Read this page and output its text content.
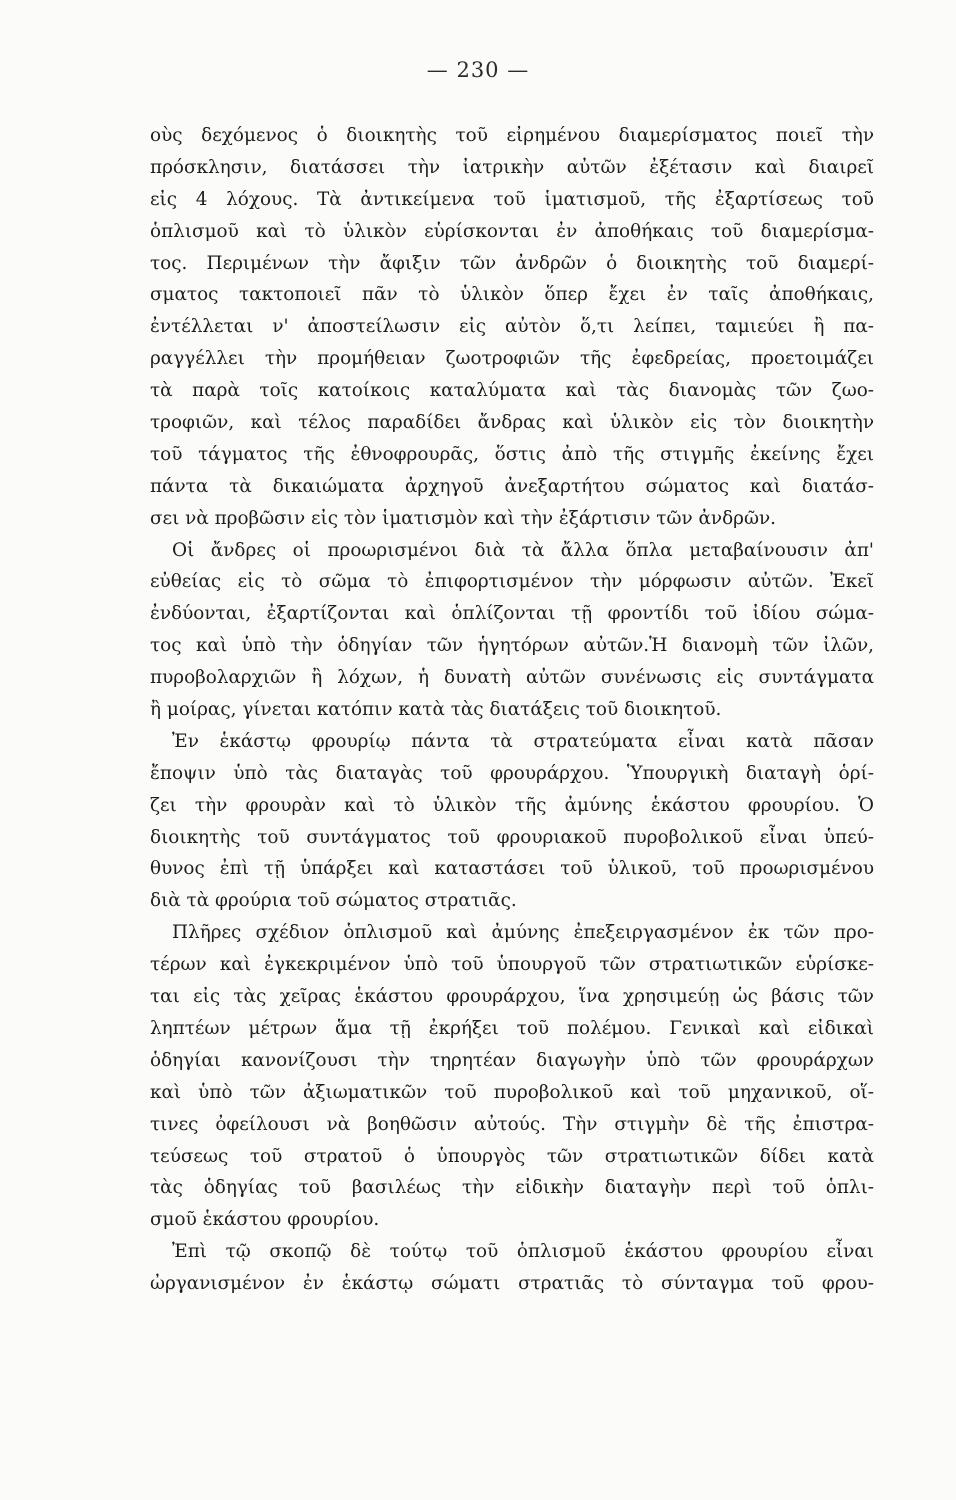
— 230 —
οὺς δεχόμενος ὁ διοικητὴς τοῦ εἰρημένου διαμερίσματος ποιεῖ τὴν
πρόσκλησιν, διατάσσει τὴν ἰατρικὴν αὐτῶν ἐξέτασιν καὶ διαιρεῖ
εἰς 4 λόχους. Τὰ ἀντικείμενα τοῦ ἱματισμοῦ, τῆς ἐξαρτίσεως τοῦ
ὁπλισμοῦ καὶ τὸ ὑλικὸν εὑρίσκονται ἐν ἀποθήκαις τοῦ διαμερίσμα-
τος. Περιμένων τὴν ἄφιξιν τῶν ἀνδρῶν ὁ διοικητὴς τοῦ διαμερί-
σματος τακτοποιεῖ πᾶν τὸ ὑλικὸν ὅπερ ἔχει ἐν ταῖς ἀποθήκαις,
ἐντέλλεται ν' ἀποστείλωσιν εἰς αὐτὸν ὅ,τι λείπει, ταμιεύει ἢ πα-
ραγγέλλει τὴν προμήθειαν ζωοτροφιῶν τῆς ἐφεδρείας, προετοιμάζει
τὰ παρὰ τοῖς κατοίκοις καταλύματα καὶ τὰς διανομὰς τῶν ζωο-
τροφιῶν, καὶ τέλος παραδίδει ἄνδρας καὶ ὑλικὸν εἰς τὸν διοικητὴν
τοῦ τάγματος τῆς ἐθνοφρουρᾶς, ὅστις ἀπὸ τῆς στιγμῆς ἐκείνης ἔχει
πάντα τὰ δικαιώματα ἀρχηγοῦ ἀνεξαρτήτου σώματος καὶ διατάσ-
σει νὰ προβῶσιν εἰς τὸν ἱματισμὸν καὶ τὴν ἐξάρτισιν τῶν ἀνδρῶν.
Οἱ ἄνδρες οἱ προωρισμένοι διὰ τὰ ἄλλα ὅπλα μεταβαίνουσιν ἀπ'
εὐθείας εἰς τὸ σῶμα τὸ ἐπιφορτισμένον τὴν μόρφωσιν αὐτῶν. Ἐκεῖ
ἐνδύονται, ἐξαρτίζονται καὶ ὁπλίζονται τῇ φροντίδι τοῦ ἰδίου σώμα-
τος καὶ ὑπὸ τὴν ὁδηγίαν τῶν ἡγητόρων αὐτῶν.Ἡ διανομὴ τῶν ἰλῶν,
πυροβολαρχιῶν ἢ λόχων, ἡ δυνατὴ αὐτῶν συνένωσις εἰς συντάγματα
ἢ μοίρας, γίνεται κατόπιν κατὰ τὰς διατάξεις τοῦ διοικητοῦ.
Ἐν ἑκάστῳ φρουρίῳ πάντα τὰ στρατεύματα εἶναι κατὰ πᾶσαν
ἔποψιν ὑπὸ τὰς διαταγὰς τοῦ φρουράρχου. Ὑπουργικὴ διαταγὴ ὁρί-
ζει τὴν φρουρὰν καὶ τὸ ὑλικὸν τῆς ἀμύνης ἑκάστου φρουρίου. Ὁ
διοικητὴς τοῦ συντάγματος τοῦ φρουριακοῦ πυροβολικοῦ εἶναι ὑπεύ-
θυνος ἐπὶ τῇ ὑπάρξει καὶ καταστάσει τοῦ ὑλικοῦ, τοῦ προωρισμένου
διὰ τὰ φρούρια τοῦ σώματος στρατιᾶς.
Πλῆρες σχέδιον ὁπλισμοῦ καὶ ἀμύνης ἐπεξειργασμένον ἐκ τῶν προ-
τέρων καὶ ἐγκεκριμένον ὑπὸ τοῦ ὑπουργοῦ τῶν στρατιωτικῶν εὑρίσκε-
ται εἰς τὰς χεῖρας ἑκάστου φρουράρχου, ἵνα χρησιμεύῃ ὡς βάσις τῶν
ληπτέων μέτρων ἅμα τῇ ἐκρήξει τοῦ πολέμου. Γενικαὶ καὶ εἰδικαὶ
ὁδηγίαι κανονίζουσι τὴν τηρητέαν διαγωγὴν ὑπὸ τῶν φρουράρχων
καὶ ὑπὸ τῶν ἀξιωματικῶν τοῦ πυροβολικοῦ καὶ τοῦ μηχανικοῦ, οἵ-
τινες ὀφείλουσι νὰ βοηθῶσιν αὐτούς. Τὴν στιγμὴν δὲ τῆς ἐπιστρα-
τεύσεως τοῦ στρατοῦ ὁ ὑπουργὸς τῶν στρατιωτικῶν δίδει κατὰ
τὰς ὁδηγίας τοῦ βασιλέως τὴν εἰδικὴν διαταγὴν περὶ τοῦ ὁπλι-
σμοῦ ἑκάστου φρουρίου.
Ἐπὶ τῷ σκοπῷ δὲ τούτῳ τοῦ ὁπλισμοῦ ἑκάστου φρουρίου εἶναι
ὠργανισμένον ἐν ἑκάστῳ σώματι στρατιᾶς τὸ σύνταγμα τοῦ φρου-
